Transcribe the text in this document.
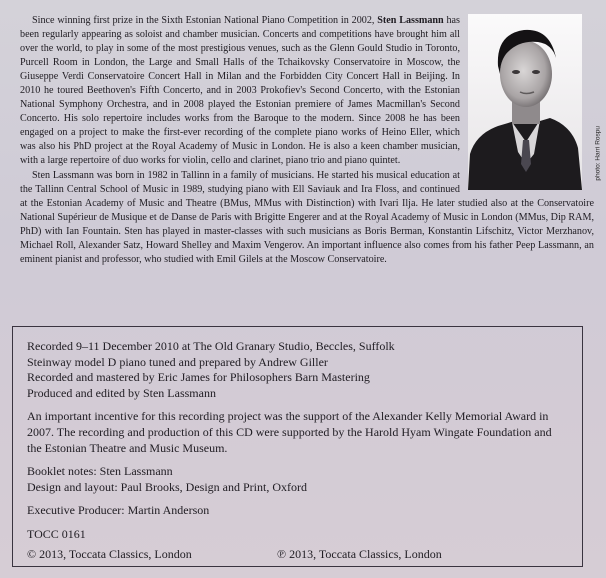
photo: Harri Rospu

Since winning first prize in the Sixth Estonian National Piano Competition in 2002, Sten Lassmann has been regularly appearing as soloist and chamber musician. Concerts and competitions have brought him all over the world, to play in some of the most prestigious venues, such as the Glenn Gould Studio in Toronto, Purcell Room in London, the Large and Small Halls of the Tchaikovsky Conservatoire in Moscow, the Giuseppe Verdi Conservatoire Concert Hall in Milan and the Forbidden City Concert Hall in Beijing. In 2010 he toured Beethoven's Fifth Concerto, and in 2003 Prokofiev's Second Concerto, with the Estonian National Symphony Orchestra, and in 2008 played the Estonian premiere of James Macmillan's Second Concerto. His solo repertoire includes works from the Baroque to the modern. Since 2008 he has been engaged on a project to make the first-ever recording of the complete piano works of Heino Eller, which was also his PhD project at the Royal Academy of Music in London. He is also a keen chamber musician, with a large repertoire of duo works for violin, cello and clarinet, piano trio and piano quintet.

Sten Lassmann was born in 1982 in Tallinn in a family of musicians. He started his musical education at the Tallinn Central School of Music in 1989, studying piano with Ell Saviauk and Ira Floss, and continued at the Estonian Academy of Music and Theatre (BMus, MMus with Distinction) with Ivari Ilja. He later studied also at the Conservatoire National Supérieur de Musique et de Danse de Paris with Brigitte Engerer and at the Royal Academy of Music in London (MMus, Dip RAM, PhD) with Ian Fountain. Sten has played in master-classes with such musicians as Boris Berman, Konstantin Lifschitz, Victor Merzhanov, Michael Roll, Alexander Satz, Howard Shelley and Maxim Vengerov. An important influence also comes from his father Peep Lassmann, an eminent pianist and professor, who studied with Emil Gilels at the Moscow Conservatoire.

Recorded 9–11 December 2010 at The Old Granary Studio, Beccles, Suffolk

Steinway model D piano tuned and prepared by Andrew Giller

Recorded and mastered by Eric James for Philosophers Barn Mastering

Produced and edited by Sten Lassmann

An important incentive for this recording project was the support of the Alexander Kelly Memorial Award in 2007. The recording and production of this CD were supported by the Harold Hyam Wingate Foundation and the Estonian Theatre and Music Museum.

Booklet notes: Sten Lassmann

Design and layout: Paul Brooks, Design and Print, Oxford

Executive Producer: Martin Anderson

TOCC 0161

© 2013, Toccata Classics, London	℗ 2013, Toccata Classics, London
